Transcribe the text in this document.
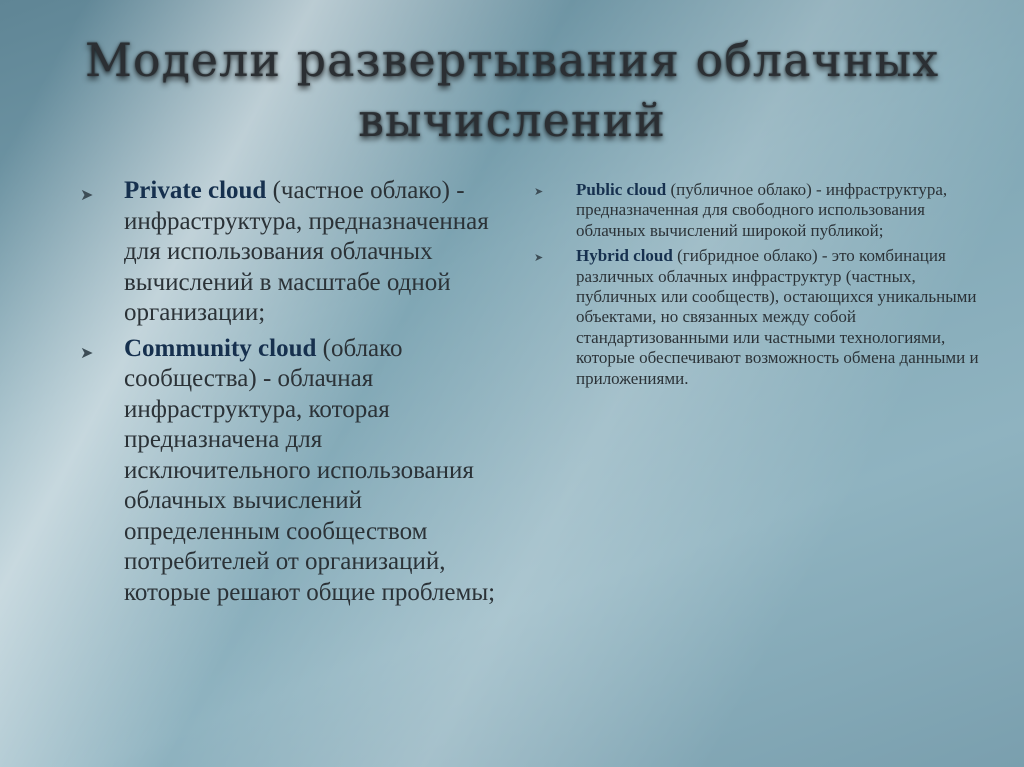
Модели развертывания облачных
вычислений
➤ Private cloud (частное облако) - инфраструктура, предназначенная для использования облачных вычислений в масштабе одной организации;
➤ Community cloud (облако сообщества) - облачная инфраструктура, которая предназначена для исключительного использования облачных вычислений определенным сообществом потребителей от организаций, которые решают общие проблемы;
➤ Public cloud (публичное облако) - инфраструктура, предназначенная для свободного использования облачных вычислений широкой публикой;
➤ Hybrid cloud (гибридное облако) - это комбинация различных облачных инфраструктур (частных, публичных или сообществ), остающихся уникальными объектами, но связанных между собой стандартизованными или частными технологиями, которые обеспечивают возможность обмена данными и приложениями.
